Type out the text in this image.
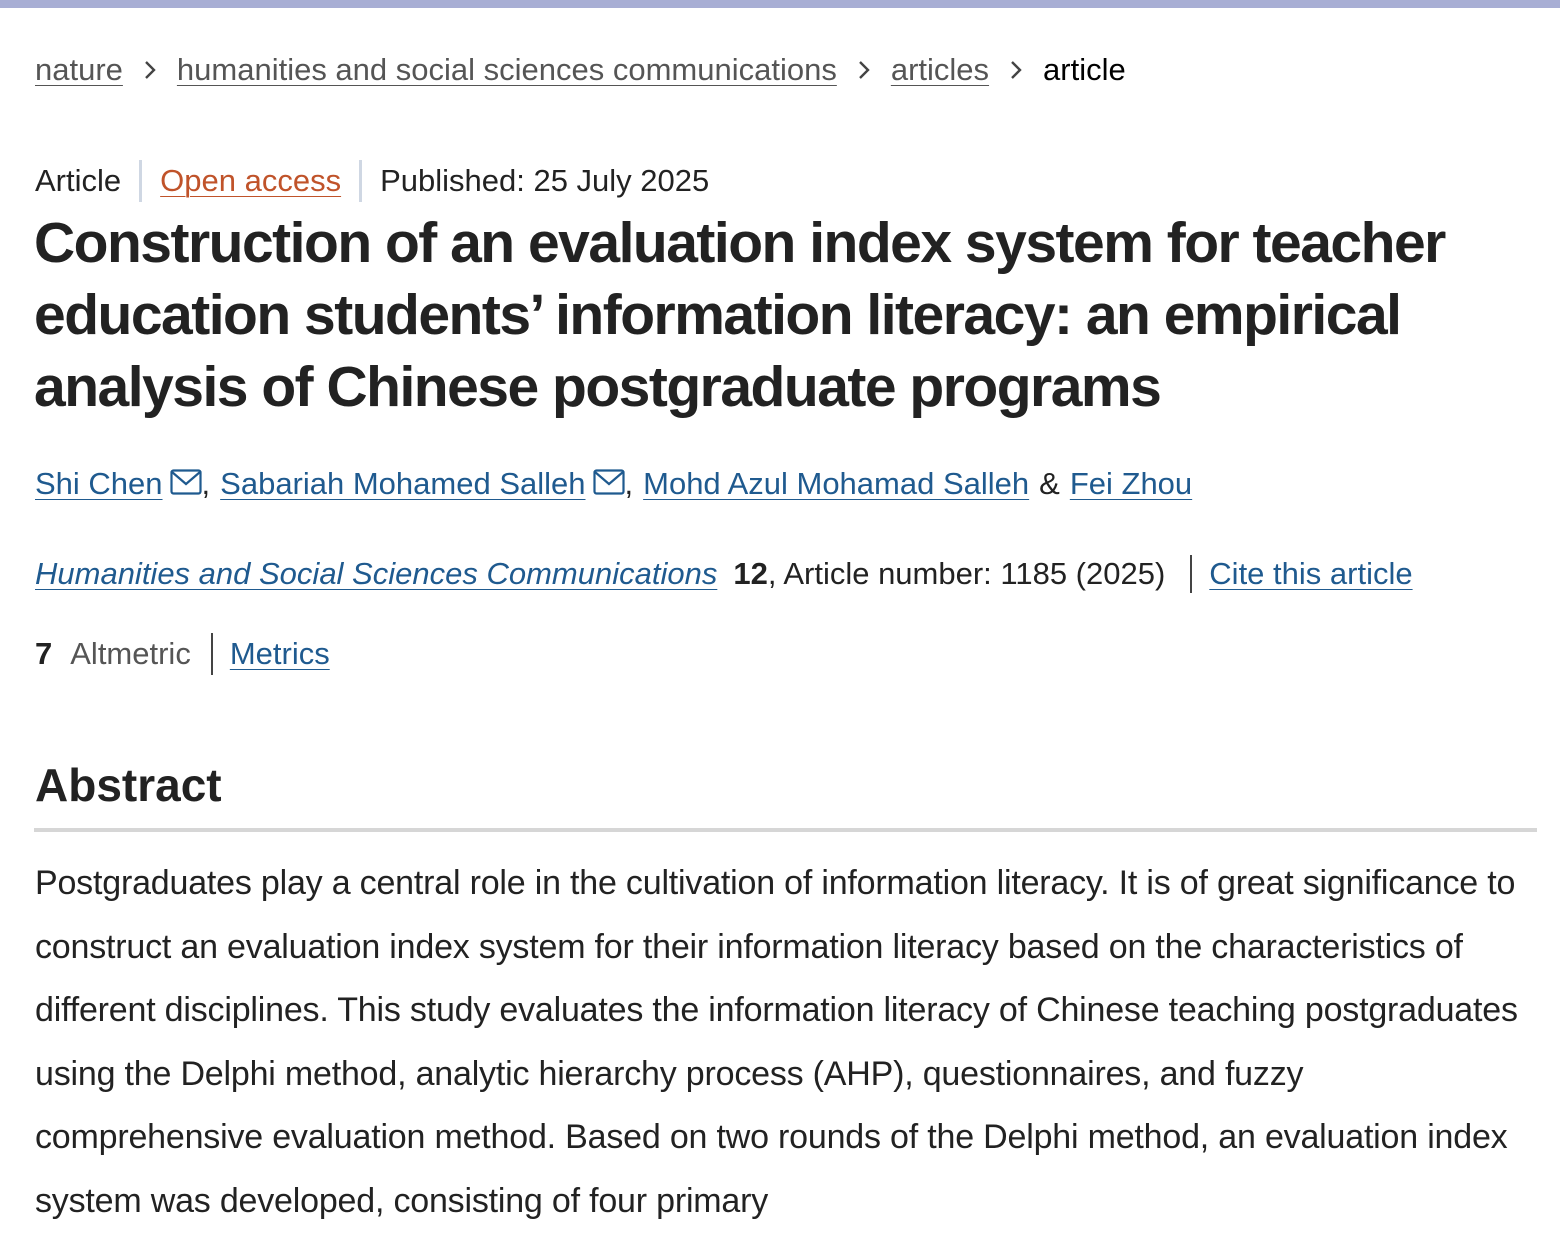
nature humanities and social sciences communications articles article
Article Open access Published: 25 July 2025
Construction of an evaluation index system for teacher education students’ information literacy: an empirical analysis of Chinese postgraduate programs
Shi Chen , Sabariah Mohamed Salleh , Mohd Azul Mohamad Salleh & Fei Zhou
Humanities and Social Sciences Communications 12 , Article number: 1185 (2025) Cite this article
7 Altmetric Metrics
Abstract

Postgraduates play a central role in the cultivation of information literacy. It is of great significance to construct an evaluation index system for their information literacy based on the characteristics of different disciplines. This study evaluates the information literacy of Chinese teaching postgraduates using the Delphi method, analytic hierarchy process (AHP), questionnaires, and fuzzy comprehensive evaluation method. Based on two rounds of the Delphi method, an evaluation index system was developed, consisting of four primary
